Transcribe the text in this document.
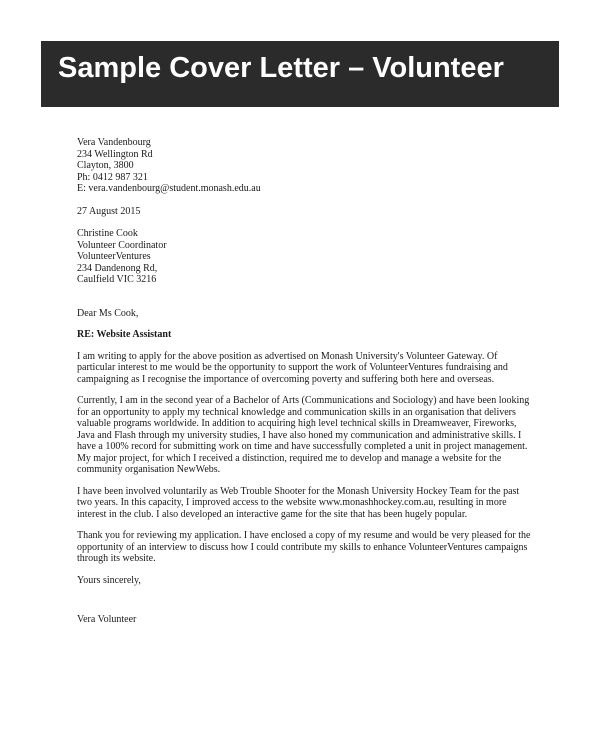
Sample Cover Letter – Volunteer
Vera Vandenbourg
234 Wellington Rd
Clayton, 3800
Ph: 0412 987 321
E: vera.vandenbourg@student.monash.edu.au
27 August 2015
Christine Cook
Volunteer Coordinator
VolunteerVentures
234 Dandenong Rd,
Caulfield VIC 3216
Dear Ms Cook,
RE: Website Assistant
I am writing to apply for the above position as advertised on Monash University's Volunteer Gateway. Of
particular interest to me would be the opportunity to support the work of VolunteerVentures fundraising and
campaigning as I recognise the importance of overcoming poverty and suffering both here and overseas.
Currently, I am in the second year of a Bachelor of Arts (Communications and Sociology) and have been looking
for an opportunity to apply my technical knowledge and communication skills in an organisation that delivers
valuable programs worldwide. In addition to acquiring high level technical skills in Dreamweaver, Fireworks,
Java and Flash through my university studies, I have also honed my communication and administrative skills. I
have a 100% record for submitting work on time and have successfully completed a unit in project management.
My major project, for which I received a distinction, required me to develop and manage a website for the
community organisation NewWebs.
I have been involved voluntarily as Web Trouble Shooter for the Monash University Hockey Team for the past
two years. In this capacity, I improved access to the website www.monashhockey.com.au, resulting in more
interest in the club. I also developed an interactive game for the site that has been hugely popular.
Thank you for reviewing my application. I have enclosed a copy of my resume and would be very pleased for the
opportunity of an interview to discuss how I could contribute my skills to enhance VolunteerVentures campaigns
through its website.
Yours sincerely,
Vera Volunteer
